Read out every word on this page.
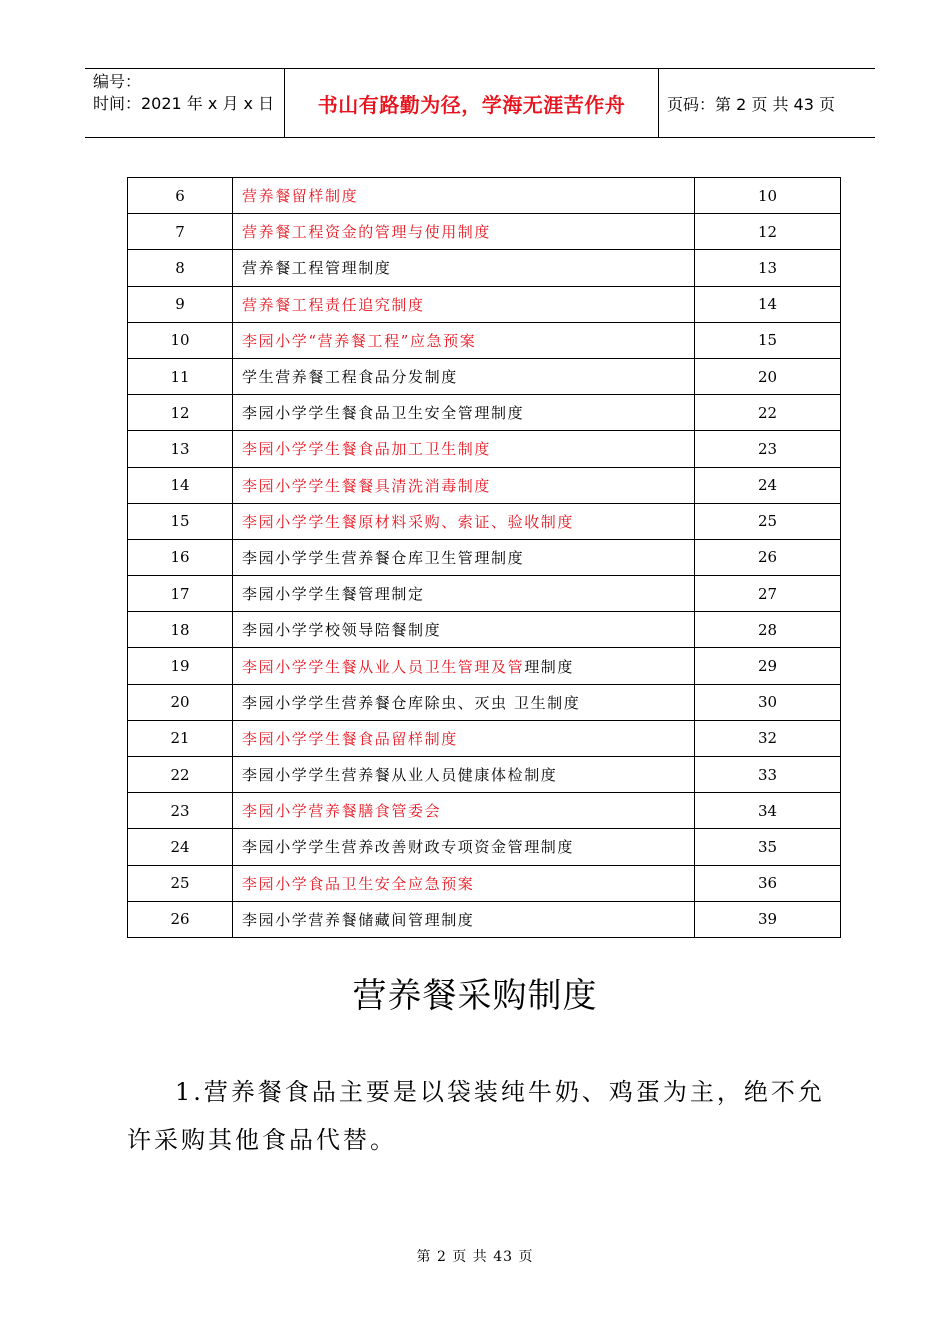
编号：
时间：2021 年 x 月 x 日	书山有路勤为径，学海无涯苦作舟	页码：第 2 页 共 43 页
6	营养餐留样制度	10
7	营养餐工程资金的管理与使用制度	12
8	营养餐工程管理制度	13
9	营养餐工程责任追究制度	14
10	李园小学“营养餐工程”应急预案	15
11	学生营养餐工程食品分发制度	20
12	李园小学学生餐食品卫生安全管理制度	22
13	李园小学学生餐食品加工卫生制度	23
14	李园小学学生餐餐具清洗消毒制度	24
15	李园小学学生餐原材料采购、索证、验收制度	25
16	李园小学学生营养餐仓库卫生管理制度	26
17	李园小学学生餐管理制定	27
18	李园小学学校领导陪餐制度	28
19	李园小学学生餐从业人员卫生管理及管理制度	29
20	李园小学学生营养餐仓库除虫、灭虫 卫生制度	30
21	李园小学学生餐食品留样制度	32
22	李园小学学生营养餐从业人员健康体检制度	33
23	李园小学营养餐膳食管委会	34
24	李园小学学生营养改善财政专项资金管理制度	35
25	李园小学食品卫生安全应急预案	36
26	李园小学营养餐储藏间管理制度	39
营养餐采购制度
1.营养餐食品主要是以袋装纯牛奶、鸡蛋为主，绝不允许采购其他食品代替。
第 2 页 共 43 页
